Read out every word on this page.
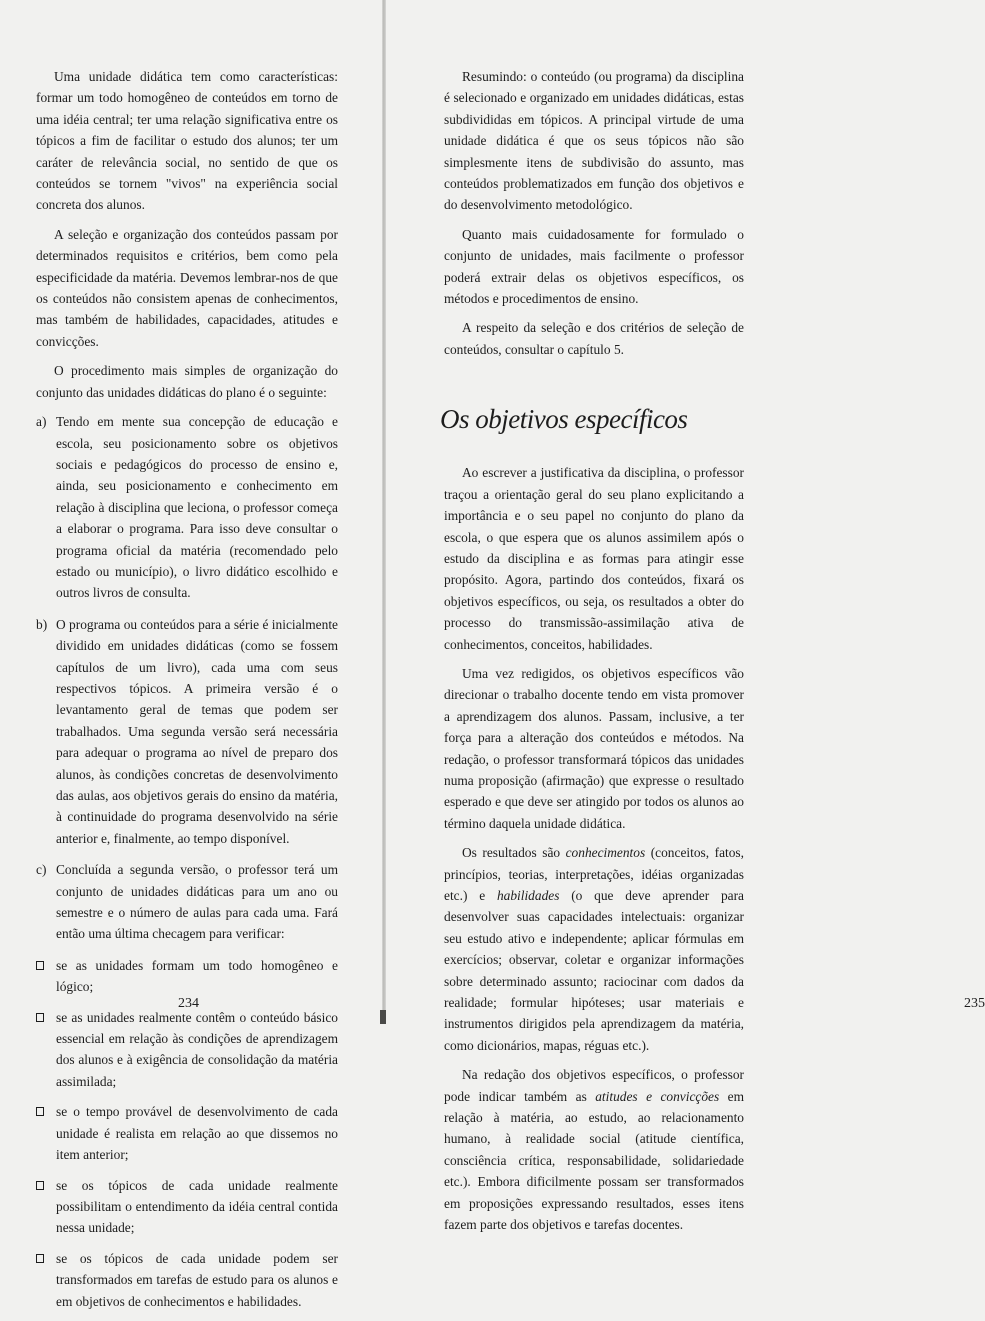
Uma unidade didática tem como características: formar um todo homogêneo de conteúdos em torno de uma idéia central; ter uma relação significativa entre os tópicos a fim de facilitar o estudo dos alunos; ter um caráter de relevância social, no sentido de que os conteúdos se tornem "vivos" na experiência social concreta dos alunos.

A seleção e organização dos conteúdos passam por determinados requisitos e critérios, bem como pela especificidade da matéria. Devemos lembrar-nos de que os conteúdos não consistem apenas de conhecimentos, mas também de habilidades, capacidades, atitudes e convicções.

O procedimento mais simples de organização do conjunto das unidades didáticas do plano é o seguinte:

a) Tendo em mente sua concepção de educação e escola, seu posicionamento sobre os objetivos sociais e pedagógicos do processo de ensino e, ainda, seu posicionamento e conhecimento em relação à disciplina que leciona, o professor começa a elaborar o programa. Para isso deve consultar o programa oficial da matéria (recomendado pelo estado ou município), o livro didático escolhido e outros livros de consulta.
b) O programa ou conteúdos para a série é inicialmente dividido em unidades didáticas (como se fossem capítulos de um livro), cada uma com seus respectivos tópicos. A primeira versão é o levantamento geral de temas que podem ser trabalhados. Uma segunda versão será necessária para adequar o programa ao nível de preparo dos alunos, às condições concretas de desenvolvimento das aulas, aos objetivos gerais do ensino da matéria, à continuidade do programa desenvolvido na série anterior e, finalmente, ao tempo disponível.
c) Concluída a segunda versão, o professor terá um conjunto de unidades didáticas para um ano ou semestre e o número de aulas para cada uma. Fará então uma última checagem para verificar:
se as unidades formam um todo homogêneo e lógico;
se as unidades realmente contêm o conteúdo básico essencial em relação às condições de aprendizagem dos alunos e à exigência de consolidação da matéria assimilada;
se o tempo provável de desenvolvimento de cada unidade é realista em relação ao que dissemos no item anterior;
se os tópicos de cada unidade realmente possibilitam o entendimento da idéia central contida nessa unidade;
se os tópicos de cada unidade podem ser transformados em tarefas de estudo para os alunos e em objetivos de conhecimentos e habilidades.
234	235

Resumindo: o conteúdo (ou programa) da disciplina é selecionado e organizado em unidades didáticas, estas subdivididas em tópicos. A principal virtude de uma unidade didática é que os seus tópicos não são simplesmente itens de subdivisão do assunto, mas conteúdos problematizados em função dos objetivos e do desenvolvimento metodológico.

Quanto mais cuidadosamente for formulado o conjunto de unidades, mais facilmente o professor poderá extrair delas os objetivos específicos, os métodos e procedimentos de ensino.

A respeito da seleção e dos critérios de seleção de conteúdos, consultar o capítulo 5.

Os objetivos específicos

Ao escrever a justificativa da disciplina, o professor traçou a orientação geral do seu plano explicitando a importância e o seu papel no conjunto do plano da escola, o que espera que os alunos assimilem após o estudo da disciplina e as formas para atingir esse propósito. Agora, partindo dos conteúdos, fixará os objetivos específicos, ou seja, os resultados a obter do processo do transmissão-assimilação ativa de conhecimentos, conceitos, habilidades.

Uma vez redigidos, os objetivos específicos vão direcionar o trabalho docente tendo em vista promover a aprendizagem dos alunos. Passam, inclusive, a ter força para a alteração dos conteúdos e métodos. Na redação, o professor transformará tópicos das unidades numa proposição (afirmação) que expresse o resultado esperado e que deve ser atingido por todos os alunos ao término daquela unidade didática.

Os resultados são conhecimentos (conceitos, fatos, princípios, teorias, interpretações, idéias organizadas etc.) e habilidades (o que deve aprender para desenvolver suas capacidades intelectuais: organizar seu estudo ativo e independente; aplicar fórmulas em exercícios; observar, coletar e organizar informações sobre determinado assunto; raciocinar com dados da realidade; formular hipóteses; usar materiais e instrumentos dirigidos pela aprendizagem da matéria, como dicionários, mapas, réguas etc.).

Na redação dos objetivos específicos, o professor pode indicar também as atitudes e convicções em relação à matéria, ao estudo, ao relacionamento humano, à realidade social (atitude científica, consciência crítica, responsabilidade, solidariedade etc.). Embora dificilmente possam ser transformados em proposições expressando resultados, esses itens fazem parte dos objetivos e tarefas docentes.
